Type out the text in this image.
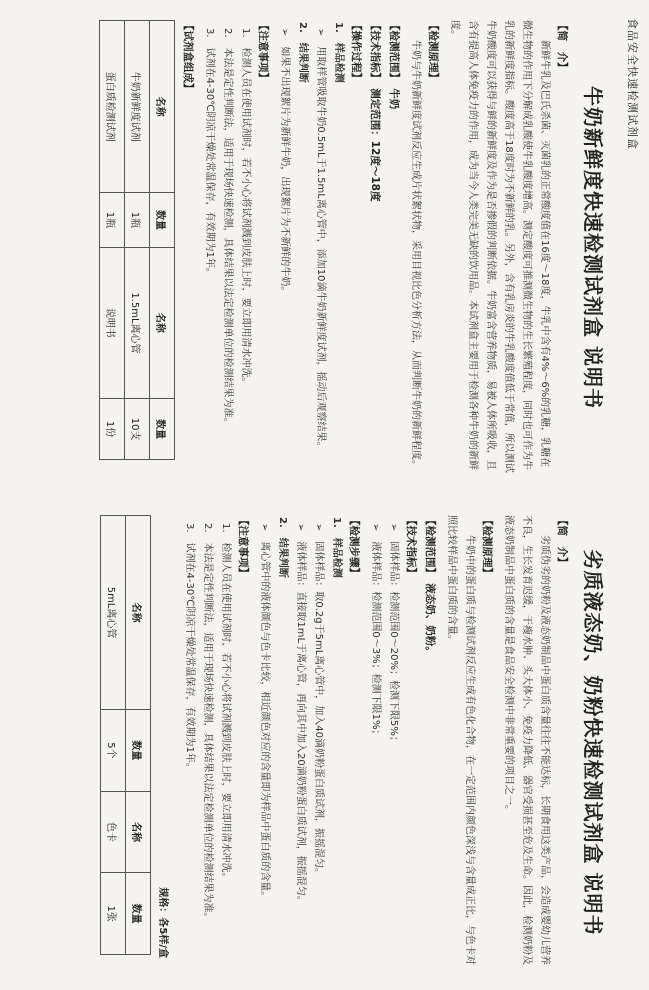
食品安全快速检测试剂盒
牛奶新鲜度快速检测试剂盒 说明书
【简　介】

新鲜牛乳及巴氏杀菌、灭菌乳的正常酸度值在16度～18度，牛乳中含有4%～6%的乳糖，乳糖在微生物的作用下分解成乳酸使牛乳酸度增高。测定酸度可推测微生物的生长繁殖程度，同时也可作为牛乳的新鲜度指标。酸度高于18度时为不新鲜的乳。另外，含有乳房炎的牛乳酸度值低于常值，所以测试牛奶酸度可以获得与鲜的新鲜度及作为是否掺假的判断依据。牛奶富含营养物质，易被人体所吸收，且含有提高人体免疫力的作用，成为当今人类完美无缺的饮用品。本试剂盒主要用于检测各种牛奶的新鲜度。

【检测原理】

牛奶与牛奶新鲜度试剂反应生成片状絮状物，采用目视比色分析方法，从而判断牛奶的新鲜程度。

【检测范围】　牛奶
【技术指标】　测定范围：12度～18度
【操作过程】

1.　样品检测

➢　用取样管吸取牛奶0.5mL于1.5mL离心管中，添加10滴牛奶新鲜度试剂，摇动后观察结果。

2.　结果判断

➢　如果不出现絮片为新鲜牛奶，出现絮片为不新鲜的牛奶。

【注意事项】

1.　检测人员在使用试剂时，若不小心将试剂溅到皮肤上时，要立即用清水冲洗。

2.　本法是定性判断法，适用于现场快速检测，具体结果以法定检测单位的检测结果为准。

3.　试剂在4-30℃阴凉干燥处常温保存，有效期为1年。

【试剂盒组成】
名称	数量	名称	数量
牛奶新鲜度试剂	1瓶	1.5mL离心管	10支
蛋白质检测试剂	1瓶	说明书	1份
劣质液态奶、奶粉快速检测试剂盒 说明书
【简　介】

劣质伪劣的奶粉及液态奶制品中蛋白质含量往往不能达标，长期食用这类产品，会造成婴幼儿营养不良，生长发育迟缓，干瘦水肿、头大体小、免疫力降低、器官受损甚至危及生命。因此，检测奶粉及液态奶制品中蛋白质的含量是食品安全检测中非常重要的项目之一。

【检测原理】

牛奶中的蛋白质与检测试剂反应生成有色化合物，在一定范围内颜色深浅与含量成正比，与色卡对照比较样品中蛋白质的含量。

【检测范围】　液态奶、奶粉。
【技术指标】

➢　固体样品：检测范围0～20%；检测下限5%；

➢　液体样品：检测范围0～3%；检测下限1%；

【检测步骤】

1.　样品检测

➢　固体样品：取0.2g于5mL离心管中，加入40滴奶粉蛋白质试剂，振摇混匀。

➢　液体样品：直接取1mL于离心管，再向其中加入20滴奶粉蛋白质试剂，振摇混匀。

2.　结果判断

➢　离心管中的液体颜色与色卡比较，相近颜色对应的含量即为样品中蛋白质的含量。

【注意事项】

1.　检测人员在使用试剂时，若不小心将试剂溅到皮肤上时，要立即用清水冲洗。

2.　本法是定性判断法，适用于现场快速检测，具体结果以法定检测单位的检测结果为准。

3.　试剂在4-30℃阴凉干燥处常温保存，有效期为1年。

规格：各5样/盒
名称	数量	名称	数量
5mL离心管	5个	色卡	1张
